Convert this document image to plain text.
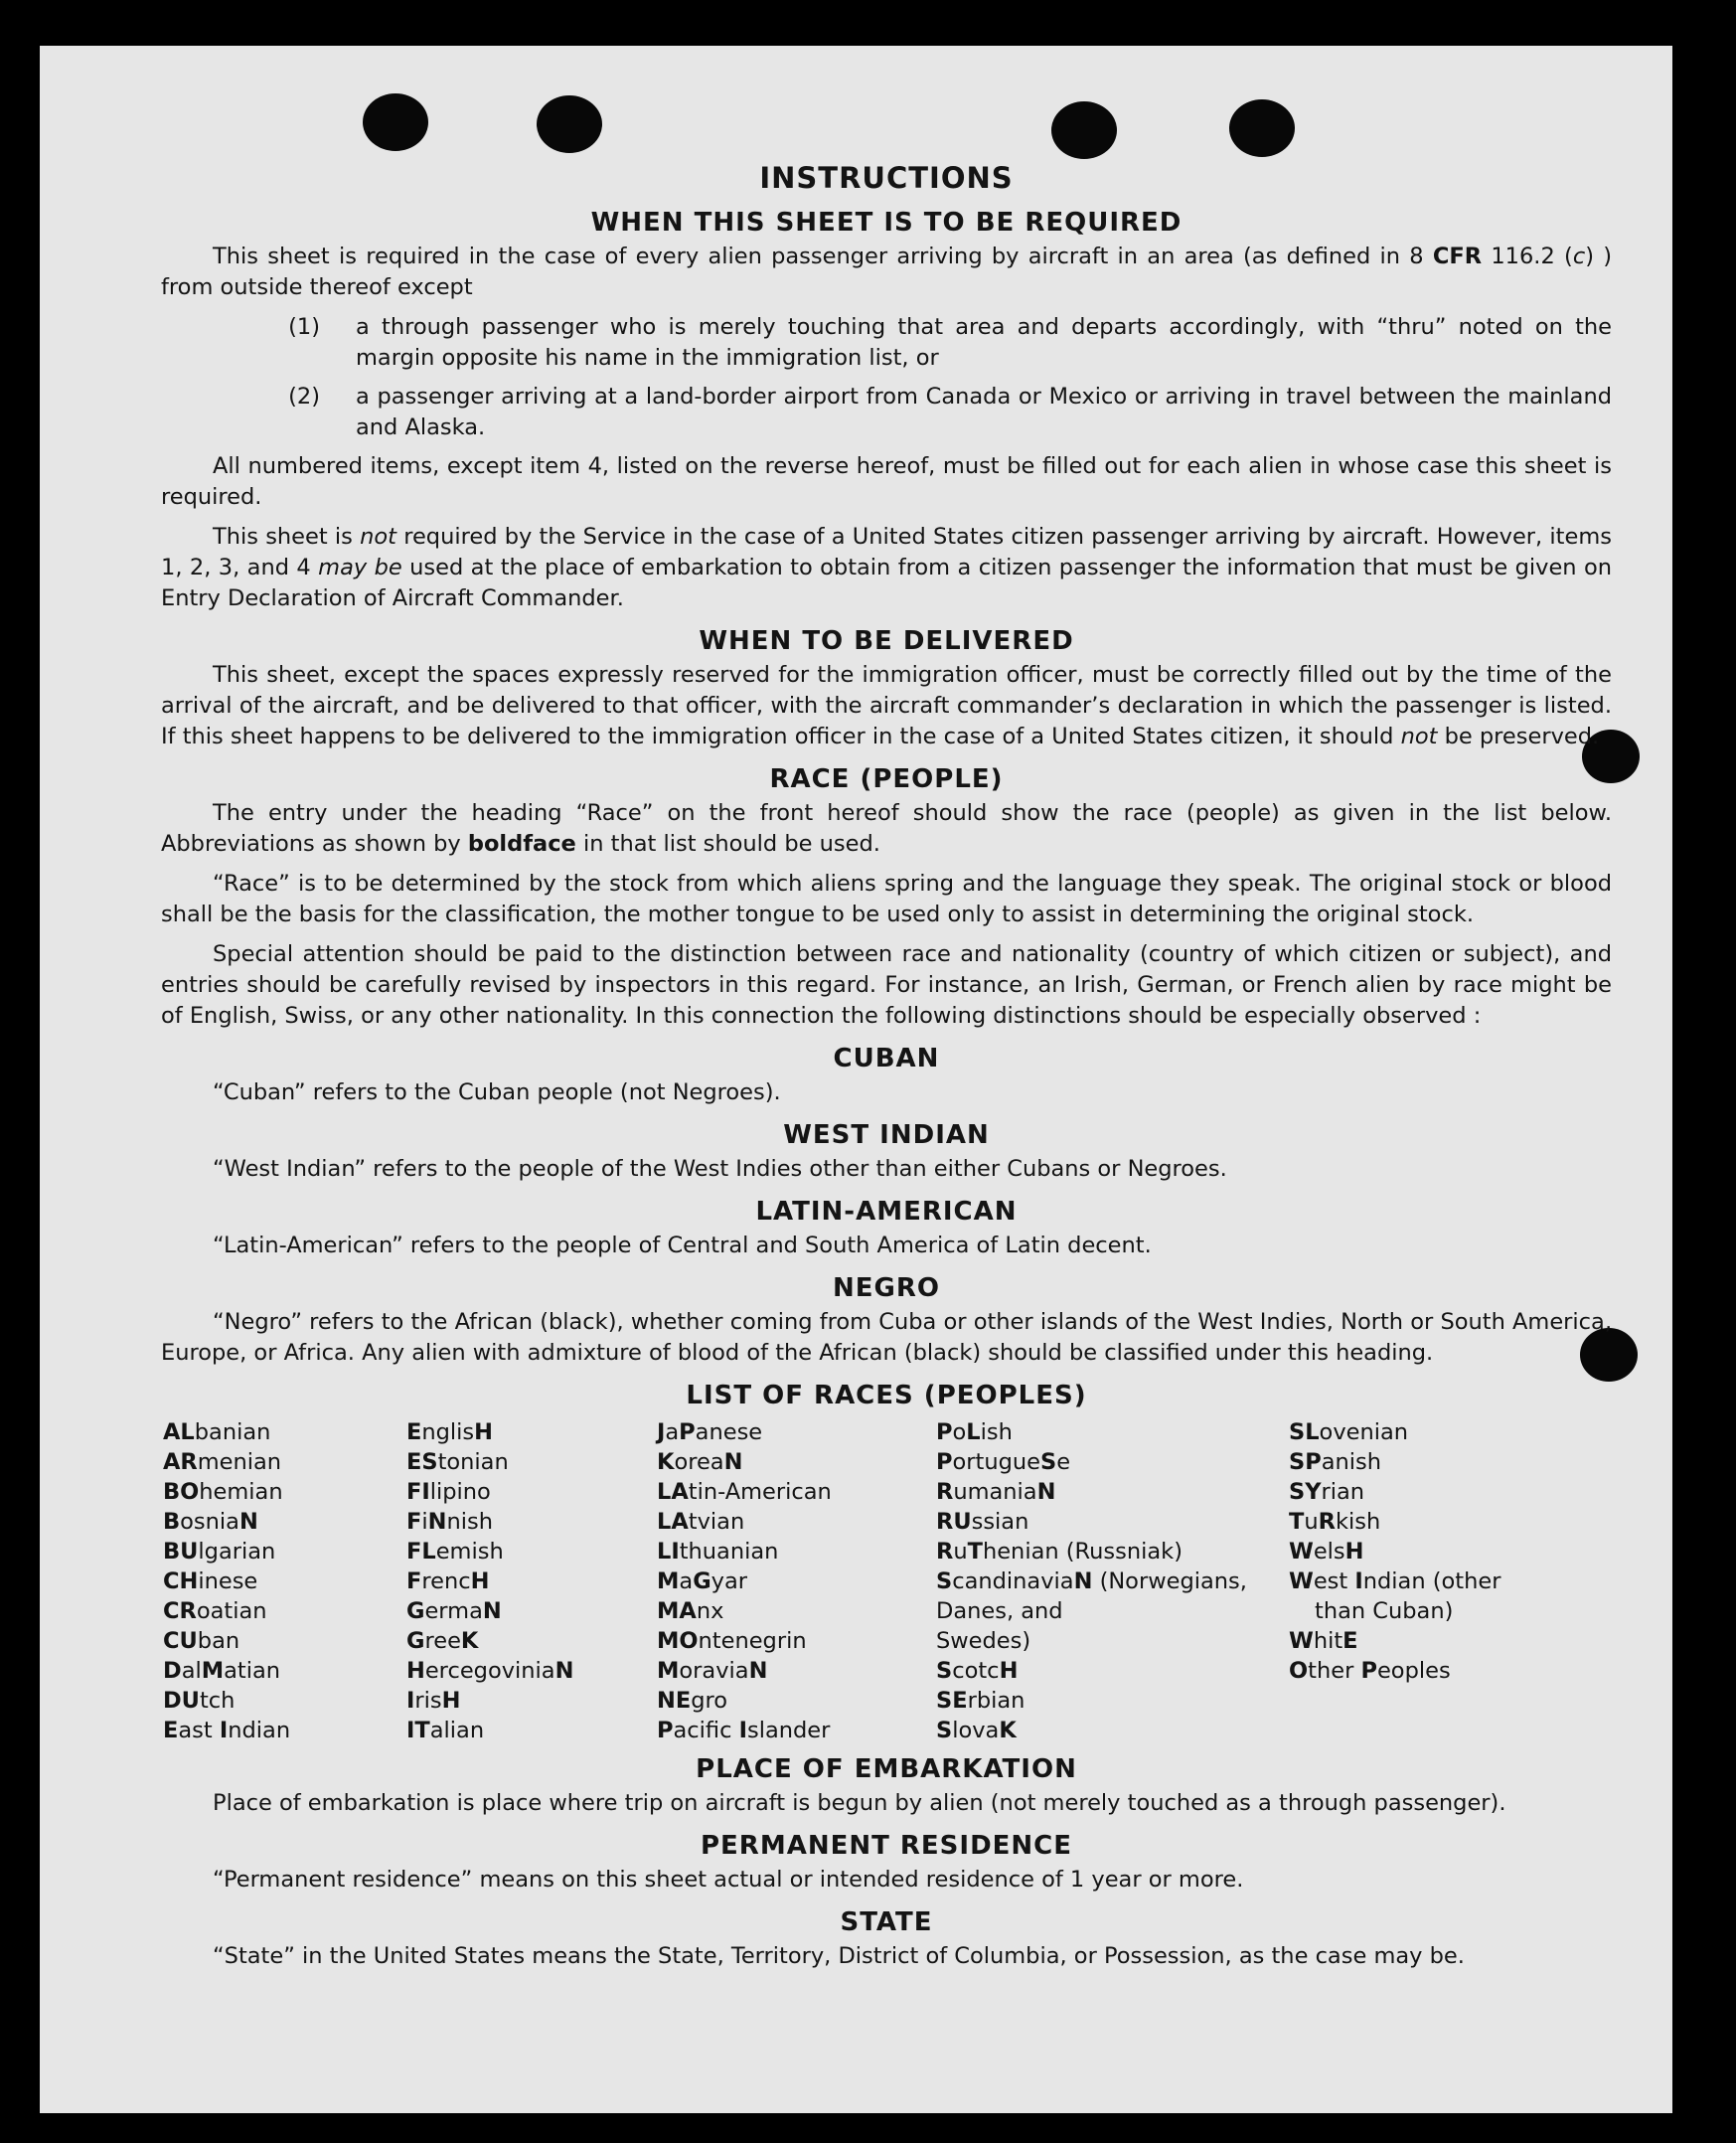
INSTRUCTIONS
WHEN THIS SHEET IS TO BE REQUIRED
This sheet is required in the case of every alien passenger arriving by aircraft in an area (as defined in 8 CFR 116.2 (c) ) from outside thereof except
(1)	a through passenger who is merely touching that area and departs accordingly, with “thru” noted on the margin opposite his name in the immigration list, or
(2)	a passenger arriving at a land-border airport from Canada or Mexico or arriving in travel between the mainland and Alaska.
All numbered items, except item 4, listed on the reverse hereof, must be filled out for each alien in whose case this sheet is required.
This sheet is not required by the Service in the case of a United States citizen passenger arriving by aircraft. However, items 1, 2, 3, and 4 may be used at the place of embarkation to obtain from a citizen passenger the information that must be given on Entry Declaration of Aircraft Commander.
WHEN TO BE DELIVERED
This sheet, except the spaces expressly reserved for the immigration officer, must be correctly filled out by the time of the arrival of the aircraft, and be delivered to that officer, with the aircraft commander’s declaration in which the passenger is listed. If this sheet happens to be delivered to the immigration officer in the case of a United States citizen, it should not be preserved.
RACE (PEOPLE)
The entry under the heading “Race” on the front hereof should show the race (people) as given in the list below. Abbreviations as shown by boldface in that list should be used.
“Race” is to be determined by the stock from which aliens spring and the language they speak. The original stock or blood shall be the basis for the classification, the mother tongue to be used only to assist in determining the original stock.
Special attention should be paid to the distinction between race and nationality (country of which citizen or subject), and entries should be carefully revised by inspectors in this regard. For instance, an Irish, German, or French alien by race might be of English, Swiss, or any other nationality. In this connection the following distinctions should be especially observed :
CUBAN
“Cuban” refers to the Cuban people (not Negroes).
WEST INDIAN
“West Indian” refers to the people of the West Indies other than either Cubans or Negroes.
LATIN-AMERICAN
“Latin-American” refers to the people of Central and South America of Latin decent.
NEGRO
“Negro” refers to the African (black), whether coming from Cuba or other islands of the West Indies, North or South America, Europe, or Africa. Any alien with admixture of blood of the African (black) should be classified under this heading.
LIST OF RACES (PEOPLES)
ALbanian
ARmenian
BOhemian
BosniaN
BUlgarian
CHinese
CRoatian
CUban
DalMatian
DUtch
East Indian
EnglisH
EStonian
FIlipino
FiNnish
FLemish
FrencH
GermaN
GreeK
HercegoviniaN
IrisH
ITalian
JaPanese
KoreaN
LAtin-American
LAtvian
LIthuanian
MaGyar
MAnx
MOntenegrin
MoraviaN
NEgro
Pacific Islander
PoLish
PortugueSe
RumaniaN
RUssian
RuThenian (Russniak)
ScandinaviaN (Norwegians,
Danes, and
Swedes)
ScotcH
SErbian
SlovaK
SLovenian
SPanish
SYrian
TuRkish
WelsH
West Indian (other
than Cuban)
WhitE
Other Peoples
PLACE OF EMBARKATION
Place of embarkation is place where trip on aircraft is begun by alien (not merely touched as a through passenger).
PERMANENT RESIDENCE
“Permanent residence” means on this sheet actual or intended residence of 1 year or more.
STATE
“State” in the United States means the State, Territory, District of Columbia, or Possession, as the case may be.
